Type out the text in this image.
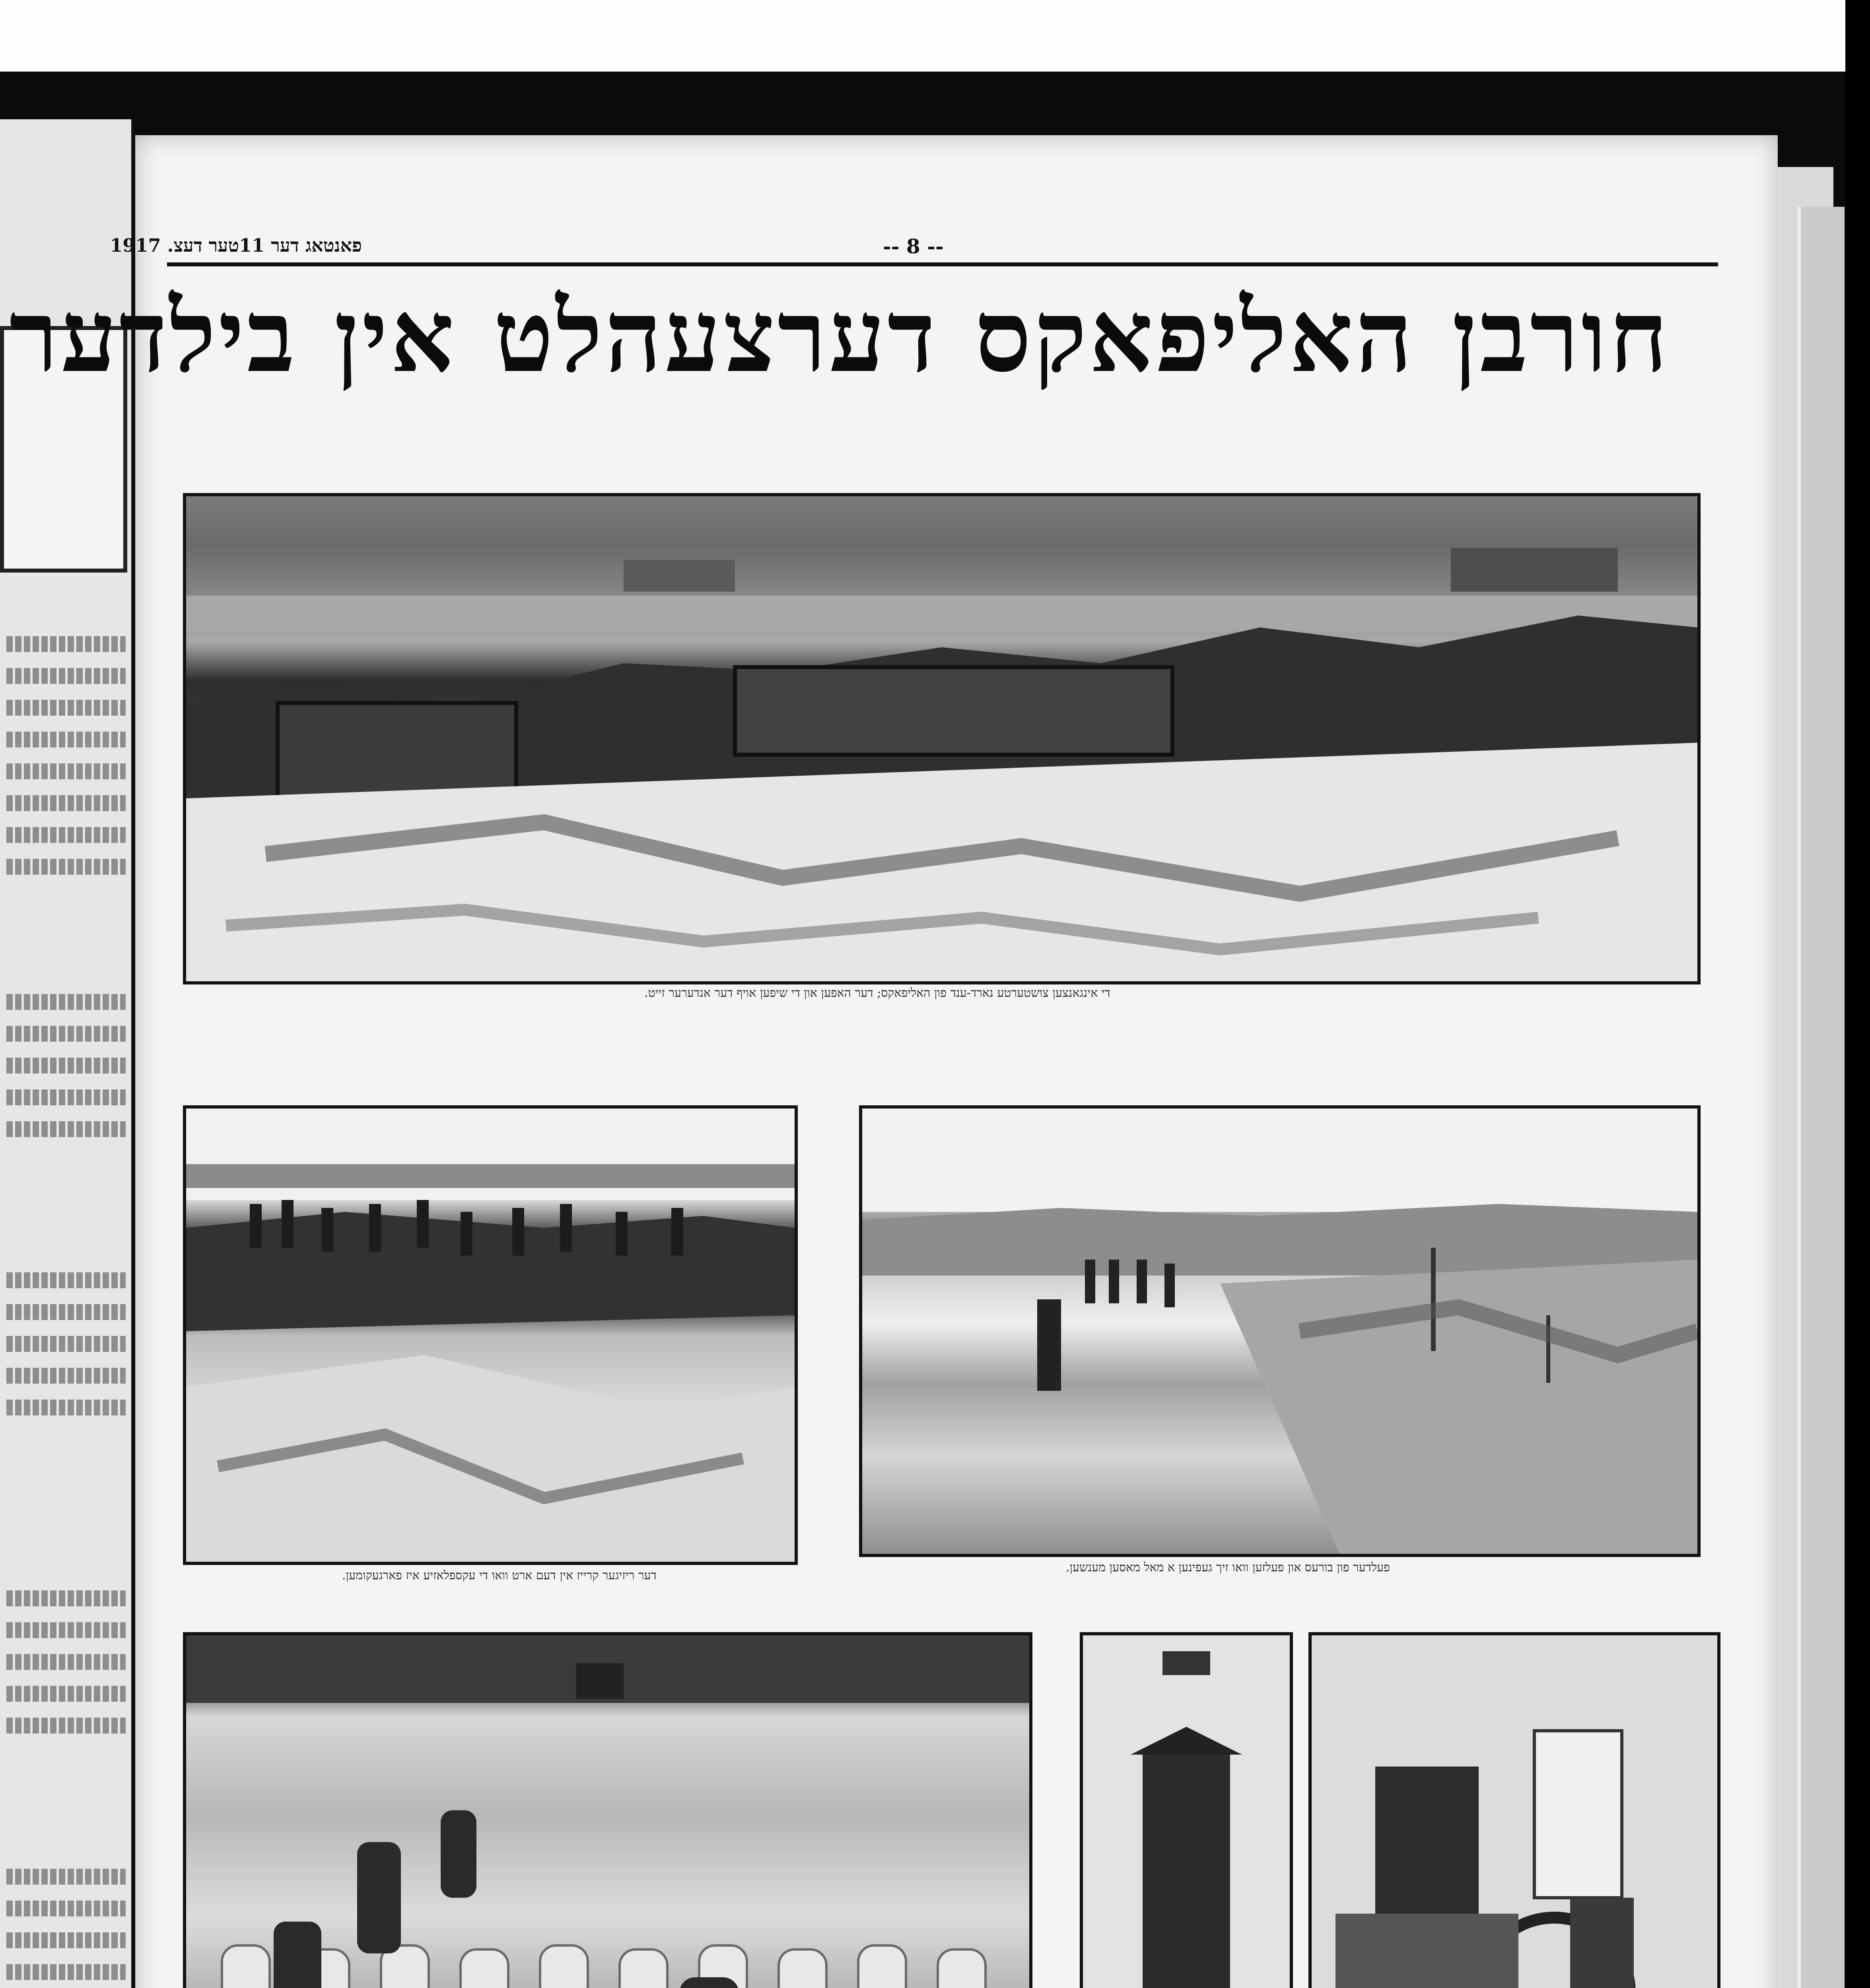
פאנטאג דער 11טער דעצ. 1917	-- 8 --
חורבן האליפאקס דערצעהלט אין בילדער
די אינגאנצען צושטערטע נארד-ענד פון האליפאקס; דער האפען און די שיפען אויף דער אנדערער זייט.
דער ריזיגער קרייז אין דעם ארט וואו די עקספלאזיע איז פארגעקומען.
פעלדער פון בורעס און פעלזען וואו זיך געפינען א מאל מאסען מענשען.
